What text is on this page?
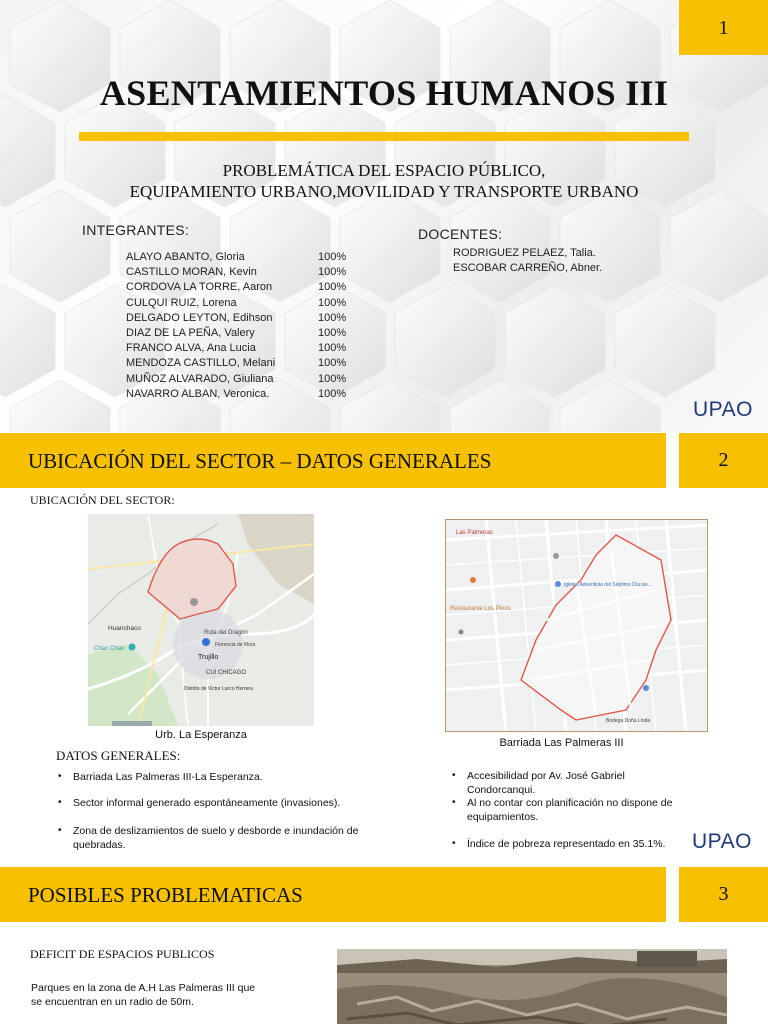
1
ASENTAMIENTOS HUMANOS III
PROBLEMÁTICA DEL ESPACIO PÚBLICO,
EQUIPAMIENTO URBANO,MOVILIDAD Y TRANSPORTE URBANO
INTEGRANTES:	DOCENTES:
ALAYO ABANTO, Gloria	100%
CASTILLO MORAN, Kevin	100%
CORDOVA LA TORRE, Aaron	100%
CULQUI RUIZ, Lorena	100%
DELGADO LEYTON, Edihson	100%
DIAZ DE LA PEÑA, Valery	100%
FRANCO ALVA, Ana Lucia	100%
MENDOZA CASTILLO, Melani	100%
MUÑOZ ALVARADO, Giuliana	100%
NAVARRO ALBAN, Veronica.	100%
RODRIGUEZ PELAEZ, Talia.
ESCOBAR CARREÑO, Abner.
UPAO
UBICACIÓN DEL SECTOR – DATOS GENERALES	2
UBICACIÓN DEL SECTOR:
Ruta del Dragón
Florencia de Mora
Huanchaco
Chan Chan
Trujillo
CUI CHICAGO
Distrito de Victor Larco Herrera
Urb. La Esperanza
Las Palmeras
Restaurante Los Pinos
Iglesia Adventista del Séptimo Día las...
Bodega Doña Linda
Barriada Las Palmeras III
DATOS GENERALES:
• Barriada Las Palmeras III-La Esperanza.
• Sector informal generado espontáneamente (invasiones).
• Zona de deslizamientos de suelo y desborde e inundación de quebradas.
• Accesibilidad por Av. José Gabriel Condorcanqui.
• Al no contar con planificación no dispone de equipamientos.
• Índice de pobreza representado en 35.1%.	UPAO
POSIBLES PROBLEMATICAS	3
DEFICIT DE ESPACIOS PUBLICOS
Parques en la zona de A.H Las Palmeras III que se encuentran en un radio de 50m.
